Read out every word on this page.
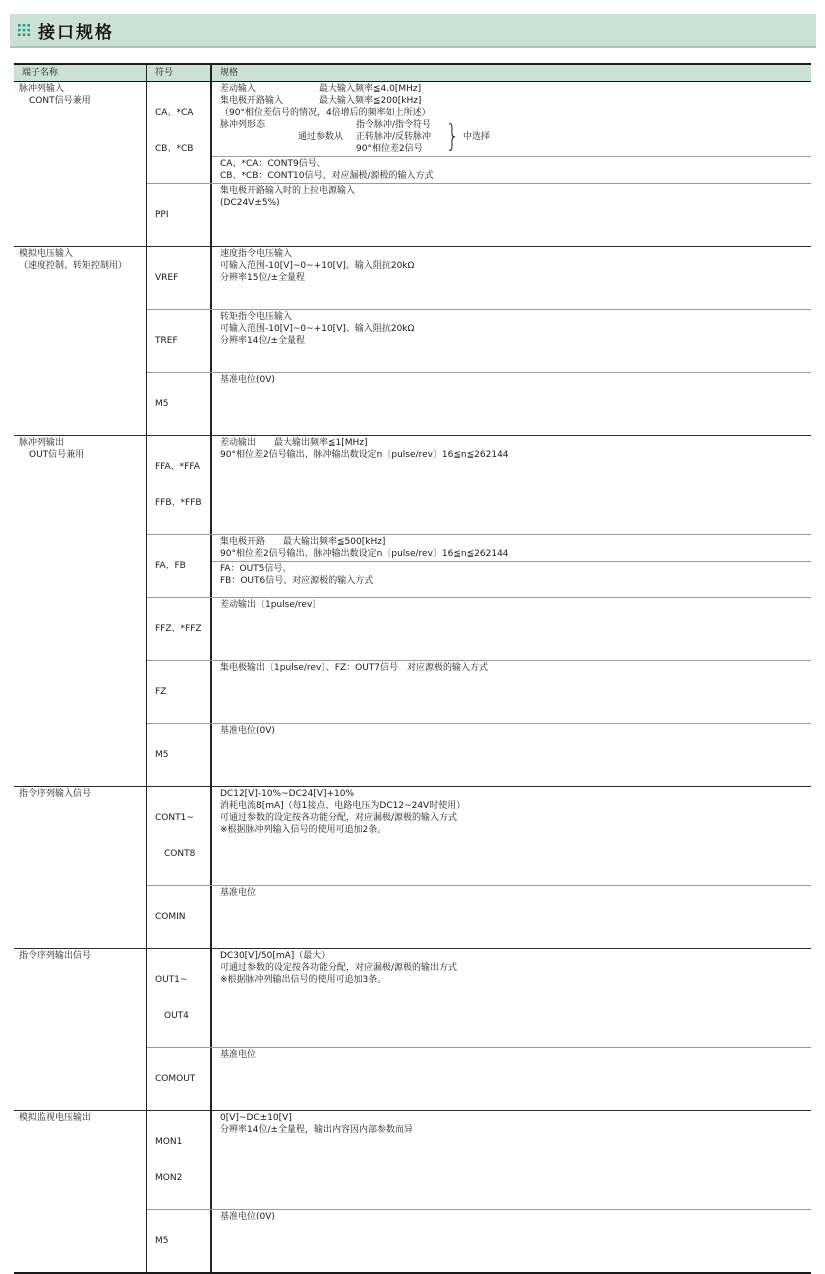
接口规格
端子名称	符号	规格
脉冲列输入
CONT信号兼用

CA、*CA

CB、*CB

差动输入　　　　　　　最大输入频率≦4.0[MHz]
集电极开路输入　　　　最大输入频率≦200[kHz]
（90°相位差信号的情况，4倍增后的频率如上所述）
脉冲列形态
通过参数从
指令脉冲/指令符号
正转脉冲/反转脉冲
90°相位差2信号 } 中选择
CA、*CA：CONT9信号、
CB、*CB：CONT10信号、对应漏极/源极的输入方式

PPI

集电极开路输入时的上拉电源输入
(DC24V±5%)
模拟电压输入
（速度控制、转矩控制用）

VREF

速度指令电压输入
可输入范围-10[V]~0~+10[V]、输入阻抗20kΩ
分辨率15位/±全量程

TREF

转矩指令电压输入
可输入范围-10[V]~0~+10[V]、输入阻抗20kΩ
分辨率14位/±全量程

M5

基准电位(0V)
脉冲列输出
OUT信号兼用

FFA、*FFA

FFB、*FFB

差动输出　　最大输出频率≦1[MHz]
90°相位差2信号输出、脉冲输出数设定n〔pulse/rev〕16≦n≦262144

FA、FB

集电极开路　　最大输出频率≦500[kHz]
90°相位差2信号输出、脉冲输出数设定n〔pulse/rev〕16≦n≦262144
FA：OUT5信号、
FB：OUT6信号、对应源极的输入方式

FFZ、*FFZ

差动输出〔1pulse/rev〕

FZ

集电极输出〔1pulse/rev〕、FZ：OUT7信号　对应源极的输入方式

M5

基准电位(0V)
指令序列输入信号

CONT1~

　CONT8

DC12[V]-10%~DC24[V]+10%
消耗电流8[mA]（每1接点、电路电压为DC12~24V时使用）
可通过参数的设定按各功能分配，对应漏极/源极的输入方式
※根据脉冲列输入信号的使用可追加2条。

COMIN

基准电位
指令序列输出信号

OUT1~

　OUT4

DC30[V]/50[mA]（最大）
可通过参数的设定按各功能分配，对应漏极/源极的输出方式
※根据脉冲列输出信号的使用可追加3条。

COMOUT

基准电位
模拟监视电压输出

MON1

MON2

0[V]~DC±10[V]
分辨率14位/±全量程，输出内容因内部参数而异

M5

基准电位(0V)
